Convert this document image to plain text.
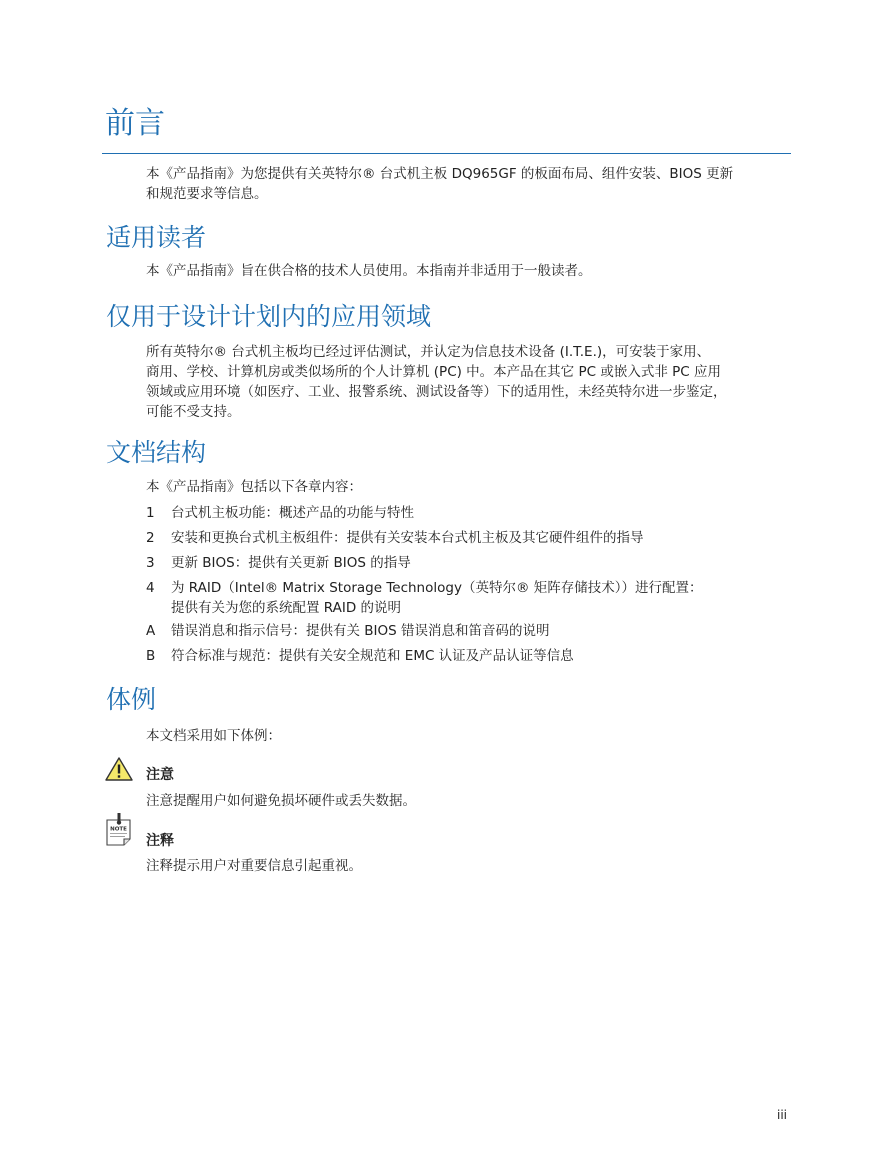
前言
本《产品指南》为您提供有关英特尔® 台式机主板 DQ965GF 的板面布局、组件安装、BIOS 更新
和规范要求等信息。
适用读者
本《产品指南》旨在供合格的技术人员使用。本指南并非适用于一般读者。
仅用于设计计划内的应用领域
所有英特尔® 台式机主板均已经过评估测试，并认定为信息技术设备 (I.T.E.)，可安装于家用、
商用、学校、计算机房或类似场所的个人计算机 (PC) 中。本产品在其它 PC 或嵌入式非 PC 应用
领域或应用环境（如医疗、工业、报警系统、测试设备等）下的适用性，未经英特尔进一步鉴定，
可能不受支持。
文档结构
本《产品指南》包括以下各章内容：
1	台式机主板功能：概述产品的功能与特性
2	安装和更换台式机主板组件：提供有关安装本台式机主板及其它硬件组件的指导
3	更新 BIOS：提供有关更新 BIOS 的指导
4	为 RAID（Intel® Matrix Storage Technology（英特尔® 矩阵存储技术））进行配置：
提供有关为您的系统配置 RAID 的说明
A	错误消息和指示信号：提供有关 BIOS 错误消息和笛音码的说明
B	符合标准与规范：提供有关安全规范和 EMC 认证及产品认证等信息
体例
本文档采用如下体例：
注意
注意提醒用户如何避免损坏硬件或丢失数据。
NOTE
注释
注释提示用户对重要信息引起重视。
iii
